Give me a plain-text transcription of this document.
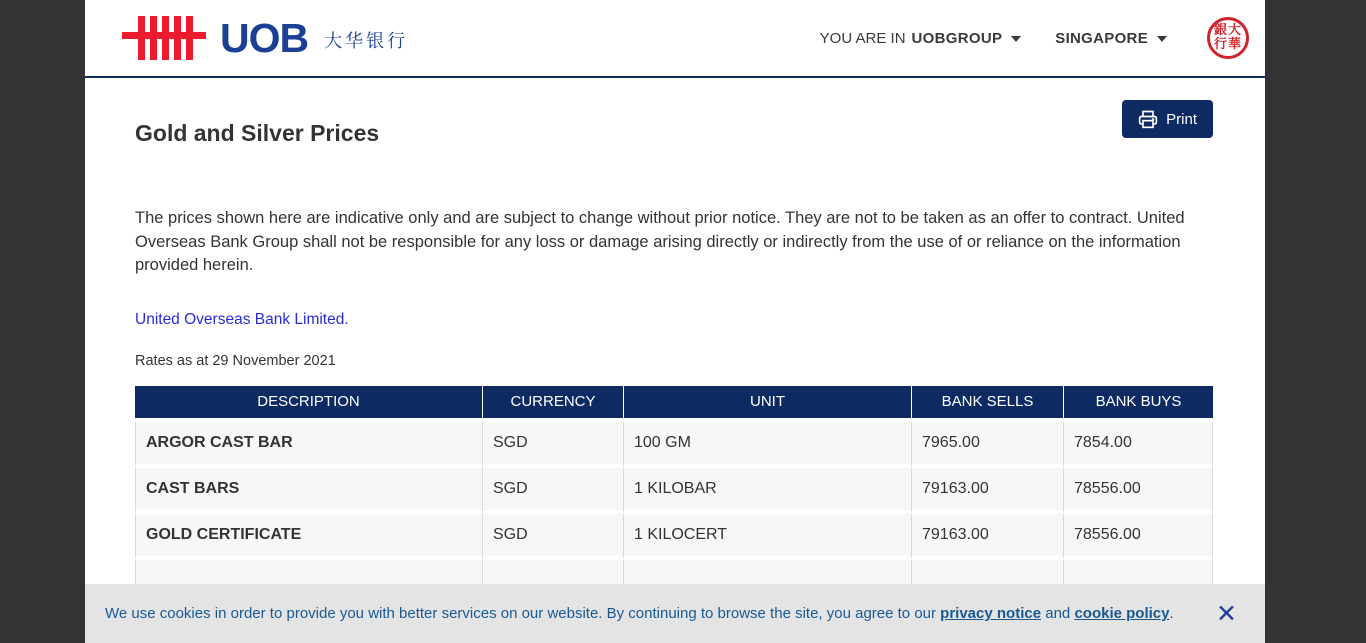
UOB 大华银行	YOU ARE IN UOBGROUP	SINGAPORE	銀大
行華
Gold and Silver Prices
Print

The prices shown here are indicative only and are subject to change without prior notice. They are not to be taken as an offer to contract. United Overseas Bank Group shall not be responsible for any loss or damage arising directly or indirectly from the use of or reliance on the information provided herein.

United Overseas Bank Limited.

Rates as at 29 November 2021

DESCRIPTION	CURRENCY	UNIT	BANK SELLS	BANK BUYS
ARGOR CAST BAR	SGD	100 GM	7965.00	7854.00
CAST BARS	SGD	1 KILOBAR	79163.00	78556.00
GOLD CERTIFICATE	SGD	1 KILOCERT	79163.00	78556.00

We use cookies in order to provide you with better services on our website. By continuing to browse the site, you agree to our privacy notice and cookie policy. ✕
